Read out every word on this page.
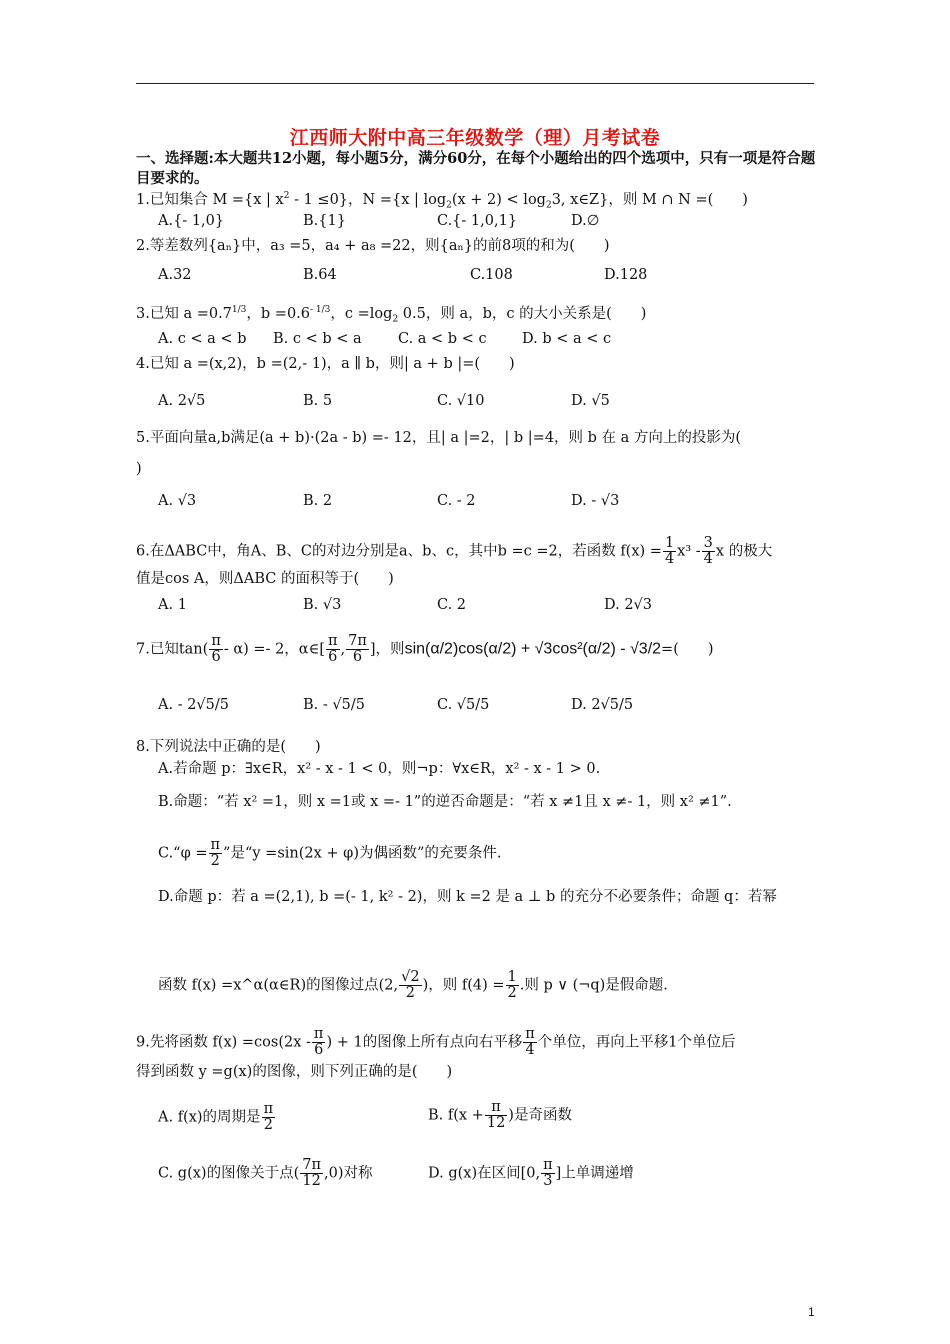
江西师大附中高三年级数学（理）月考试卷
一、选择题:本大题共12小题，每小题5分，满分60分，在每个小题给出的四个选项中，只有一项是符合题目要求的。
1.已知集合 M ={x | $x^2 - 1 \le 0$}，N ={x | $\log_2(x + 2) < \log_23$, x∈Z}，则 M ∩ N =(　　)
A.{- 1,0}	B.{1}	C.{- 1,0,1}	D.∅
2.等差数列{aₙ}中，a₃ =5，a₄ + a₈ =22，则{aₙ}的前8项的和为(　　)
A.32	B.64	C.108	D.128
3.已知 $a =0.7^{1/3}$，$b =0.6^{- 1/3}$，$c =\log_2$ 0.5，则 a，b，c 的大小关系是(　　)
A. c < a < b B. c < b < a	C. a < b < c D. b < a < c
4.已知 a =(x,2)，b =(2,- 1)，a ∥ b，则| a + b |=(　　)
A. 2√5	B. 5	C. √10	D. √5
5.平面向量a,b满足(a + b)·(2a - b) =- 12，且| a |=2，| b |=4，则 b 在 a 方向上的投影为(
)
A. √3	B. 2	C. - 2	D. - √3
6.在ΔABC中，角A、B、C的对边分别是a、b、c，其中b =c =2，若函数 $f(x) = \frac{1}{4} x^3 - \frac{3}{4}$ x 的极大
值是cos A，则ΔABC 的面积等于(　　)
A. 1	B. √3	C. 2	D. 2√3
7.已知$\tan( \frac{\pi}{6} - \alpha) =- 2$，α∈[ $\frac{\pi}{6}$ , $\frac{7\pi}{6}$ ]，则sin(α/2)cos(α/2) + √3cos²(α/2) - √3/2=(　　)
A. - 2√5/5	B. - √5/5	C. √5/5	D. 2√5/5
8.下列说法中正确的是(　　)
A.若命题 p：∃x∈R，x² - x - 1 < 0，则¬p：∀x∈R，x² - x - 1 > 0.
B.命题：“若 x² =1，则 x =1或 x =- 1”的逆否命题是：“若 x ≠1且 x ≠- 1，则 x² ≠1”.
C.“φ = $\frac{\pi}{2}$ ”是“y =sin(2x + φ)为偶函数”的充要条件.
D.命题 p：若 a =(2,1), b =(- 1, k² - 2)，则 k =2 是 a ⊥ b 的充分不必要条件；命题 q：若幂
函数 f(x) =x^α(α∈R)的图像过点(2, $\frac{√2}{2}$ )，则 $f(4) = \frac{1}{2}$ .则 p ∨ (¬q)是假命题.
9.先将函数 $f(x) =\cos(2x - \frac{\pi}{6}$ ) + 1的图像上所有点向右平移 $\frac{\pi}{4}$ 个单位，再向上平移1个单位后
得到函数 y =g(x)的图像，则下列正确的是(　　)
A. f(x)的周期是 $\frac{\pi}{2}$	B. $f(x + \frac{\pi}{12}$ )是奇函数
C. g(x)的图像关于点( $\frac{7\pi}{12} ,0$)对称	D. g(x)在区间[0, $\frac{\pi}{3}$ ]上单调递增
1
